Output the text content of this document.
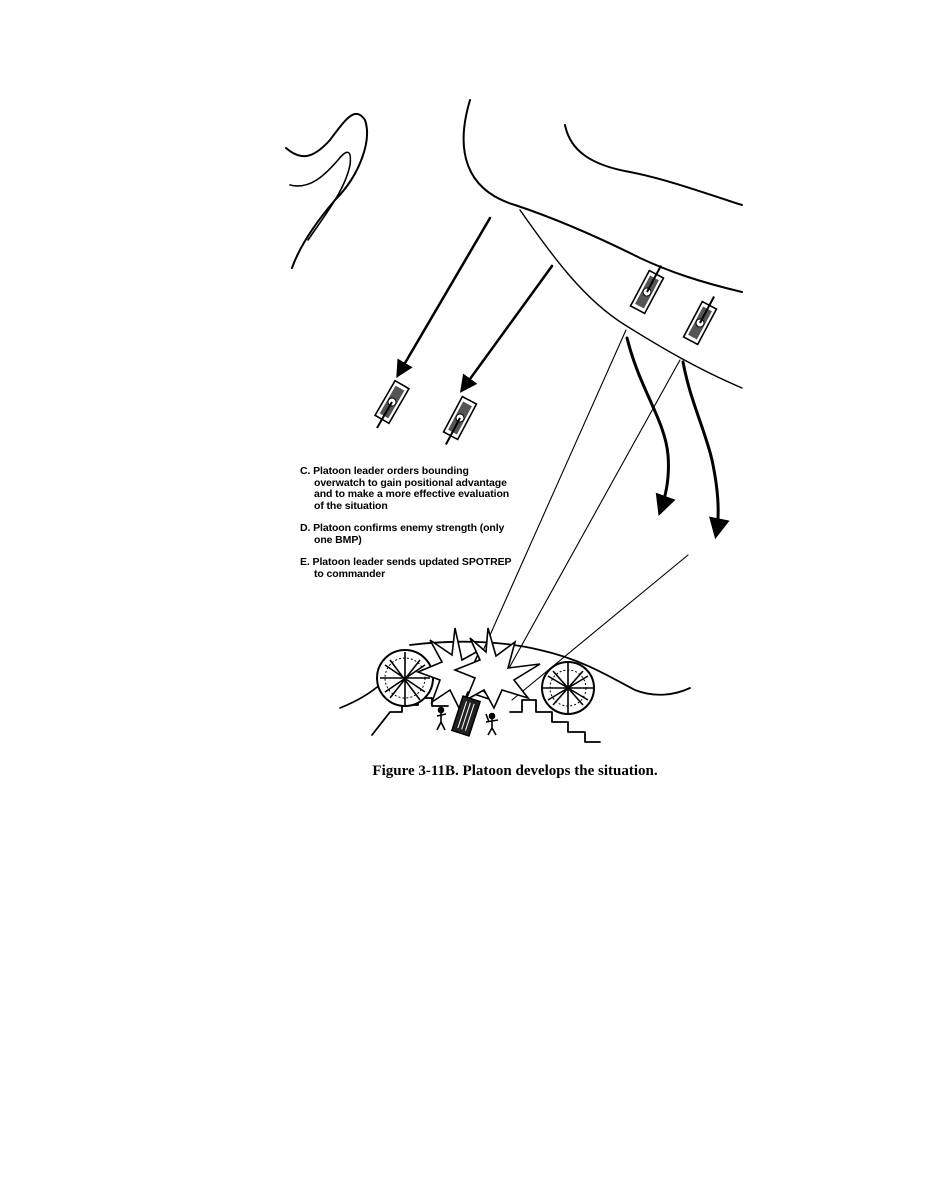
C. Platoon leader orders bounding overwatch to gain positional advantage and to make a more effective evaluation of the situation
D. Platoon confirms enemy strength (only one BMP)
E. Platoon leader sends updated SPOTREP to commander
Figure 3-11B. Platoon develops the situation.
